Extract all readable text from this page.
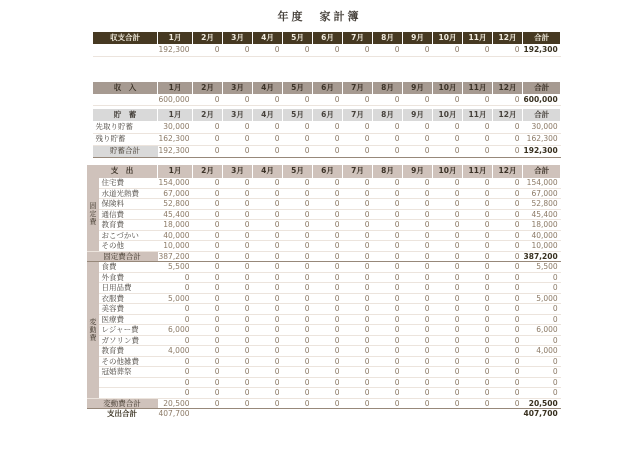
年度　家計簿
収支合計	1月	2月	3月	4月	5月	6月	7月	8月	9月	10月	11月	12月	合計
	192,300	0	0	0	0	0	0	0	0	0	0	0	192,300
収　入	1月	2月	3月	4月	5月	6月	7月	8月	9月	10月	11月	12月	合計
	600,000	0	0	0	0	0	0	0	0	0	0	0	600,000
貯　蓄	1月	2月	3月	4月	5月	6月	7月	8月	9月	10月	11月	12月	合計
先取り貯蓄	30,000	0	0	0	0	0	0	0	0	0	0	0	30,000
残り貯蓄	162,300	0	0	0	0	0	0	0	0	0	0	0	162,300
貯蓄合計	192,300	0	0	0	0	0	0	0	0	0	0	0	192,300
支　出		1月	2月	3月	4月	5月	6月	7月	8月	9月	10月	11月	12月	合計
固定費	住宅費	154,000	0	0	0	0	0	0	0	0	0	0	0	154,000
	水道光熱費	67,000	0	0	0	0	0	0	0	0	0	0	0	67,000
	保険料	52,800	0	0	0	0	0	0	0	0	0	0	0	52,800
	通信費	45,400	0	0	0	0	0	0	0	0	0	0	0	45,400
	教育費	18,000	0	0	0	0	0	0	0	0	0	0	0	18,000
	おこづかい	40,000	0	0	0	0	0	0	0	0	0	0	0	40,000
	その他	10,000	0	0	0	0	0	0	0	0	0	0	0	10,000
固定費合計		387,200	0	0	0	0	0	0	0	0	0	0	0	387,200
変動費	食費	5,500	0	0	0	0	0	0	0	0	0	0	0	5,500
	外食費	0	0	0	0	0	0	0	0	0	0	0	0	0
	日用品費	0	0	0	0	0	0	0	0	0	0	0	0	0
	衣服費	5,000	0	0	0	0	0	0	0	0	0	0	0	5,000
	美容費	0	0	0	0	0	0	0	0	0	0	0	0	0
	医療費	0	0	0	0	0	0	0	0	0	0	0	0	0
	レジャー費	6,000	0	0	0	0	0	0	0	0	0	0	0	6,000
	ガソリン費	0	0	0	0	0	0	0	0	0	0	0	0	0
	教育費	4,000	0	0	0	0	0	0	0	0	0	0	0	4,000
	その他雑費	0	0	0	0	0	0	0	0	0	0	0	0	0
	冠婚葬祭	0	0	0	0	0	0	0	0	0	0	0	0	0
		0	0	0	0	0	0	0	0	0	0	0	0	0
		0	0	0	0	0	0	0	0	0	0	0	0	0
変動費合計		20,500	0	0	0	0	0	0	0	0	0	0	0	20,500
支出合計		407,700												407,700
